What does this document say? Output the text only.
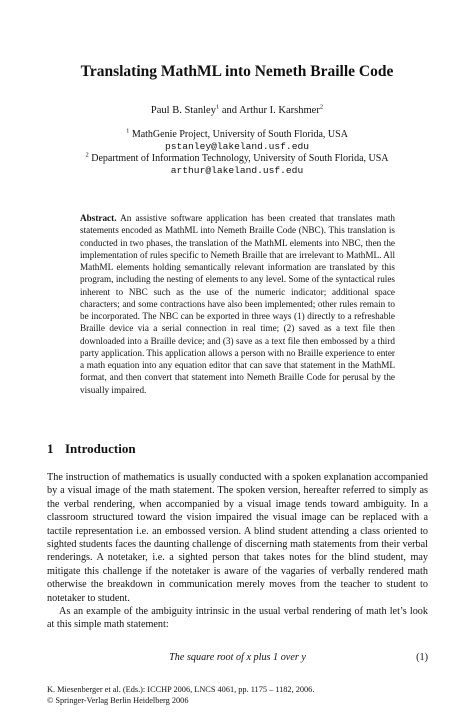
Translating MathML into Nemeth Braille Code
Paul B. Stanley$^1$ and Arthur I. Karshmer$^2$
$^1$ MathGenie Project, University of South Florida, USA
pstanley@lakeland.usf.edu
$^2$ Department of Information Technology, University of South Florida, USA
arthur@lakeland.usf.edu

Abstract. An assistive software application has been created that translates math statements encoded as MathML into Nemeth Braille Code (NBC). This translation is conducted in two phases, the translation of the MathML elements into NBC, then the implementation of rules specific to Nemeth Braille that are irrelevant to MathML. All MathML elements holding semantically relevant information are translated by this program, including the nesting of elements to any level. Some of the syntactical rules inherent to NBC such as the use of the numeric indicator; additional space characters; and some contractions have also been implemented; other rules remain to be incorporated. The NBC can be exported in three ways (1) directly to a refreshable Braille device via a serial connection in real time; (2) saved as a text file then downloaded into a Braille device; and (3) save as a text file then embossed by a third party application. This application allows a person with no Braille experience to enter a math equation into any equation editor that can save that statement in the MathML format, and then convert that statement into Nemeth Braille Code for perusal by the visually impaired.

1 Introduction

The instruction of mathematics is usually conducted with a spoken explanation accompanied by a visual image of the math statement. The spoken version, hereafter referred to simply as the verbal rendering, when accompanied by a visual image tends toward ambiguity. In a classroom structured toward the vision impaired the visual image can be replaced with a tactile representation i.e. an embossed version. A blind student attending a class oriented to sighted students faces the daunting challenge of discerning math statements from their verbal renderings. A notetaker, i.e. a sighted person that takes notes for the blind student, may mitigate this challenge if the notetaker is aware of the vagaries of verbally rendered math otherwise the breakdown in communication merely moves from the teacher to student to notetaker to student.

As an example of the ambiguity intrinsic in the usual verbal rendering of math let’s look at this simple math statement:

The square root of x plus 1 over y	(1)
K. Miesenberger et al. (Eds.): ICCHP 2006, LNCS 4061, pp. 1175 – 1182, 2006.
© Springer-Verlag Berlin Heidelberg 2006
